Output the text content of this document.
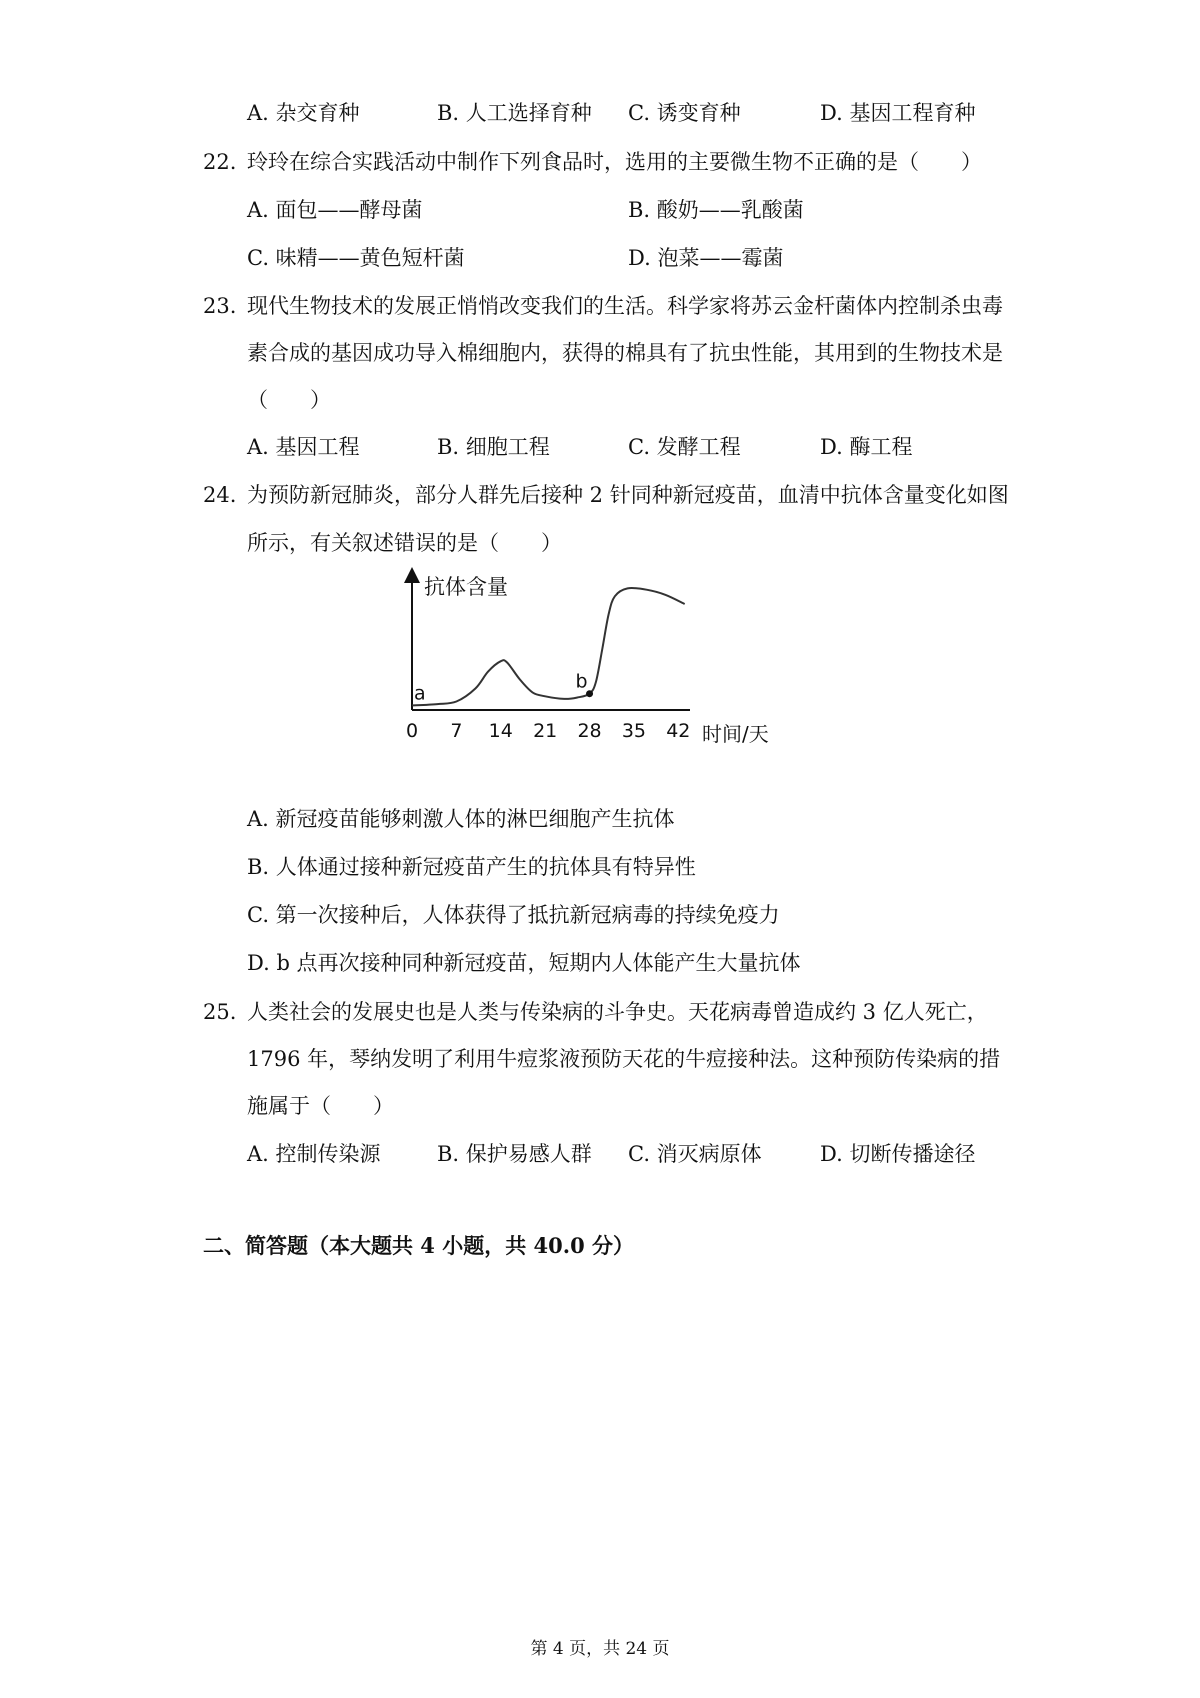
A. 杂交育种	B. 人工选择育种 C. 诱变育种	D. 基因工程育种
22. 玲玲在综合实践活动中制作下列食品时，选用的主要微生物不正确的是（　　）
A. 面包——酵母菌	B. 酸奶——乳酸菌
C. 味精——黄色短杆菌	D. 泡菜——霉菌
23. 现代生物技术的发展正悄悄改变我们的生活。科学家将苏云金杆菌体内控制杀虫毒
素合成的基因成功导入棉细胞内，获得的棉具有了抗虫性能，其用到的生物技术是
（　　）
A. 基因工程	B. 细胞工程	C. 发酵工程	D. 酶工程
24. 为预防新冠肺炎，部分人群先后接种 2 针同种新冠疫苗，血清中抗体含量变化如图
所示，有关叙述错误的是（　　）
抗体含量
时间/天
0 7 14 21 28 35 42
a
b
A. 新冠疫苗能够刺激人体的淋巴细胞产生抗体
B. 人体通过接种新冠疫苗产生的抗体具有特异性
C. 第一次接种后，人体获得了抵抗新冠病毒的持续免疫力
D. b 点再次接种同种新冠疫苗，短期内人体能产生大量抗体
25. 人类社会的发展史也是人类与传染病的斗争史。天花病毒曾造成约 3 亿人死亡，
1796 年，琴纳发明了利用牛痘浆液预防天花的牛痘接种法。这种预防传染病的措
施属于（　　）
A. 控制传染源	B. 保护易感人群 C. 消灭病原体	D. 切断传播途径
二、简答题（本大题共 4 小题，共 40.0 分）
第 4 页，共 24 页
